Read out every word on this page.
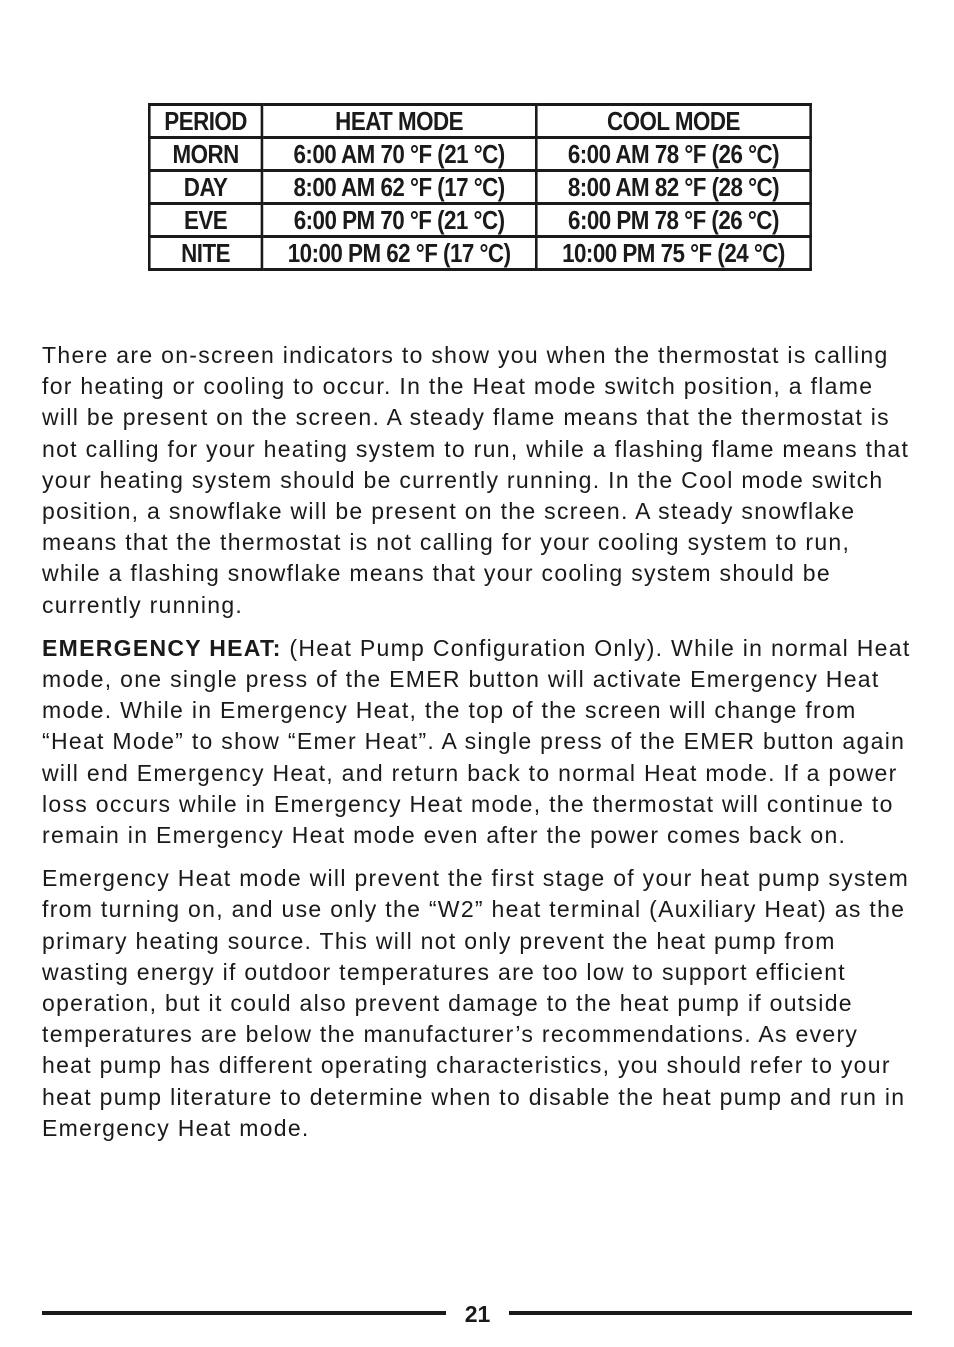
PERIOD	HEAT MODE	COOL MODE
MORN	6:00 AM 70 °F (21 °C)	6:00 AM 78 °F (26 °C)
DAY	8:00 AM 62 °F (17 °C)	8:00 AM 82 °F (28 °C)
EVE	6:00 PM 70 °F (21 °C)	6:00 PM 78 °F (26 °C)
NITE	10:00 PM 62 °F (17 °C)	10:00 PM 75 °F (24 °C)

There are on-screen indicators to show you when the thermostat is calling for heating or cooling to occur. In the Heat mode switch position, a flame will be present on the screen. A steady flame means that the thermostat is not calling for your heating system to run, while a flashing flame means that your heating system should be currently running. In the Cool mode switch position, a snowflake will be present on the screen. A steady snowflake means that the thermostat is not calling for your cooling system to run, while a flashing snowflake means that your cooling system should be currently running.

EMERGENCY HEAT: (Heat Pump Configuration Only). While in normal Heat mode, one single press of the EMER button will activate Emergency Heat mode. While in Emergency Heat, the top of the screen will change from “Heat Mode” to show “Emer Heat”. A single press of the EMER button again will end Emergency Heat, and return back to normal Heat mode. If a power loss occurs while in Emergency Heat mode, the thermostat will continue to remain in Emergency Heat mode even after the power comes back on.

Emergency Heat mode will prevent the first stage of your heat pump system from turning on, and use only the “W2” heat terminal (Auxiliary Heat) as the primary heating source. This will not only prevent the heat pump from wasting energy if outdoor temperatures are too low to support efficient operation, but it could also prevent damage to the heat pump if outside temperatures are below the manufacturer’s recommendations. As every heat pump has different operating characteristics, you should refer to your heat pump literature to determine when to disable the heat pump and run in Emergency Heat mode.

21
